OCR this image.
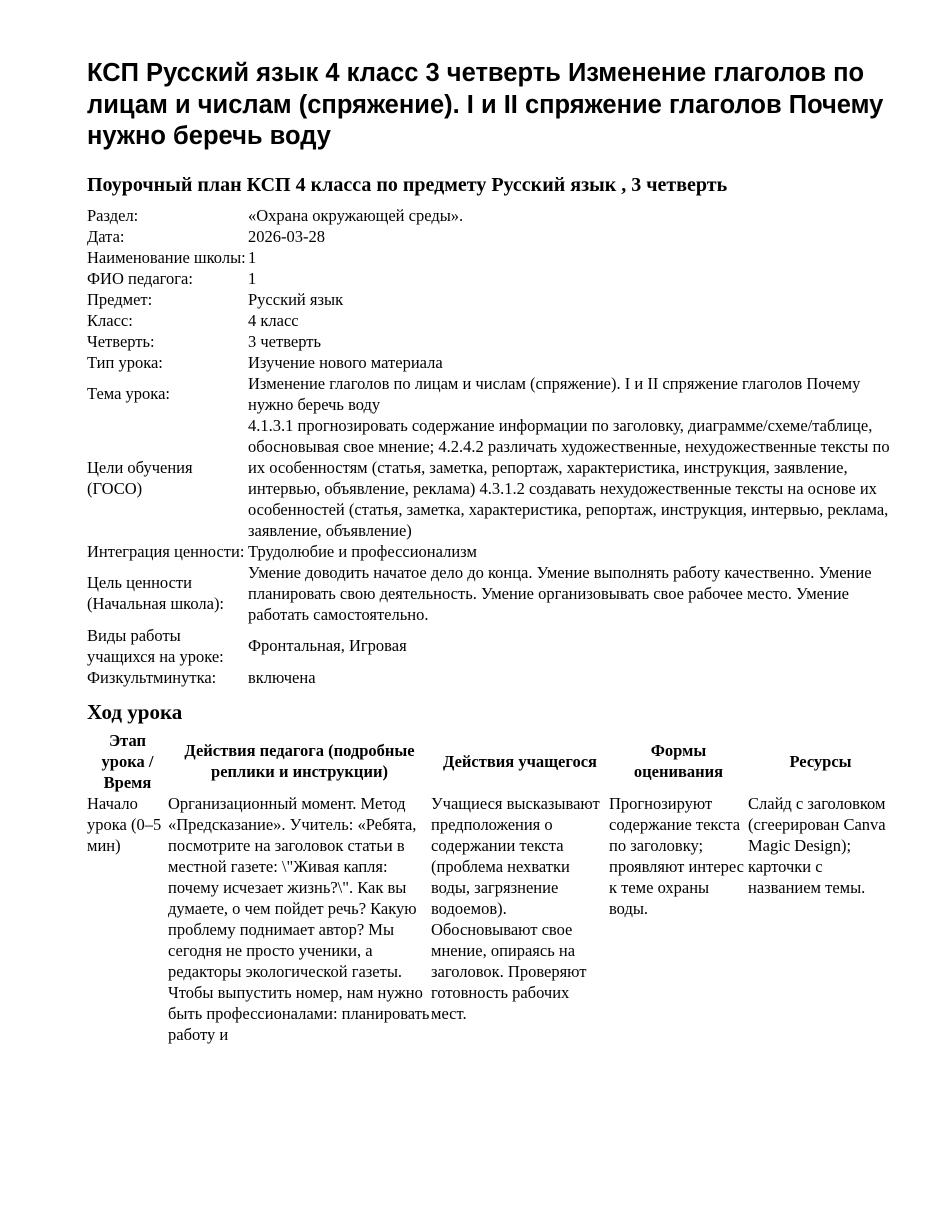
КСП Русский язык 4 класс 3 четверть Изменение глаголов по лицам и числам (спряжение). I и II спряжение глаголов Почему нужно беречь воду
Поурочный план КСП 4 класса по предмету Русский язык , 3 четверть
Раздел:	«Охрана окружающей среды».
Дата:	2026-03-28
Наименование школы:	1
ФИО педагога:	1
Предмет:	Русский язык
Класс:	4 класс
Четверть:	3 четверть
Тип урока:	Изучение нового материала
Тема урока:	Изменение глаголов по лицам и числам (спряжение). I и II спряжение глаголов Почему нужно беречь воду
Цели обучения (ГОСО)	4.1.3.1 прогнозировать содержание информации по заголовку, диаграмме/схеме/таблице, обосновывая свое мнение; 4.2.4.2 различать художественные, нехудожественные тексты по их особенностям (статья, заметка, репортаж, характеристика, инструкция, заявление, интервью, объявление, реклама) 4.3.1.2 создавать нехудожественные тексты на основе их особенностей (статья, заметка, характеристика, репортаж, инструкция, интервью, реклама, заявление, объявление)
Интеграция ценности:	Трудолюбие и профессионализм
Цель ценности (Начальная школа):	Умение доводить начатое дело до конца. Умение выполнять работу качественно. Умение планировать свою деятельность. Умение организовывать свое рабочее место. Умение работать самостоятельно.
Виды работы учащихся на уроке:	Фронтальная, Игровая
Физкультминутка:	включена
Ход урока
Этап урока / Время	Действия педагога (подробные реплики и инструкции)	Действия учащегося	Формы оценивания	Ресурсы
Начало урока (0–5 мин)	Организационный момент. Метод «Предсказание». Учитель: «Ребята, посмотрите на заголовок статьи в местной газете: \"Живая капля: почему исчезает жизнь?\". Как вы думаете, о чем пойдет речь? Какую проблему поднимает автор? Мы сегодня не просто ученики, а редакторы экологической газеты. Чтобы выпустить номер, нам нужно быть профессионалами: планировать работу и	Учащиеся высказывают предположения о содержании текста (проблема нехватки воды, загрязнение водоемов). Обосновывают свое мнение, опираясь на заголовок. Проверяют готовность рабочих мест.	Прогнозируют содержание текста по заголовку; проявляют интерес к теме охраны воды.	Слайд с заголовком (сгеерирован Canva Magic Design); карточки с названием темы.
